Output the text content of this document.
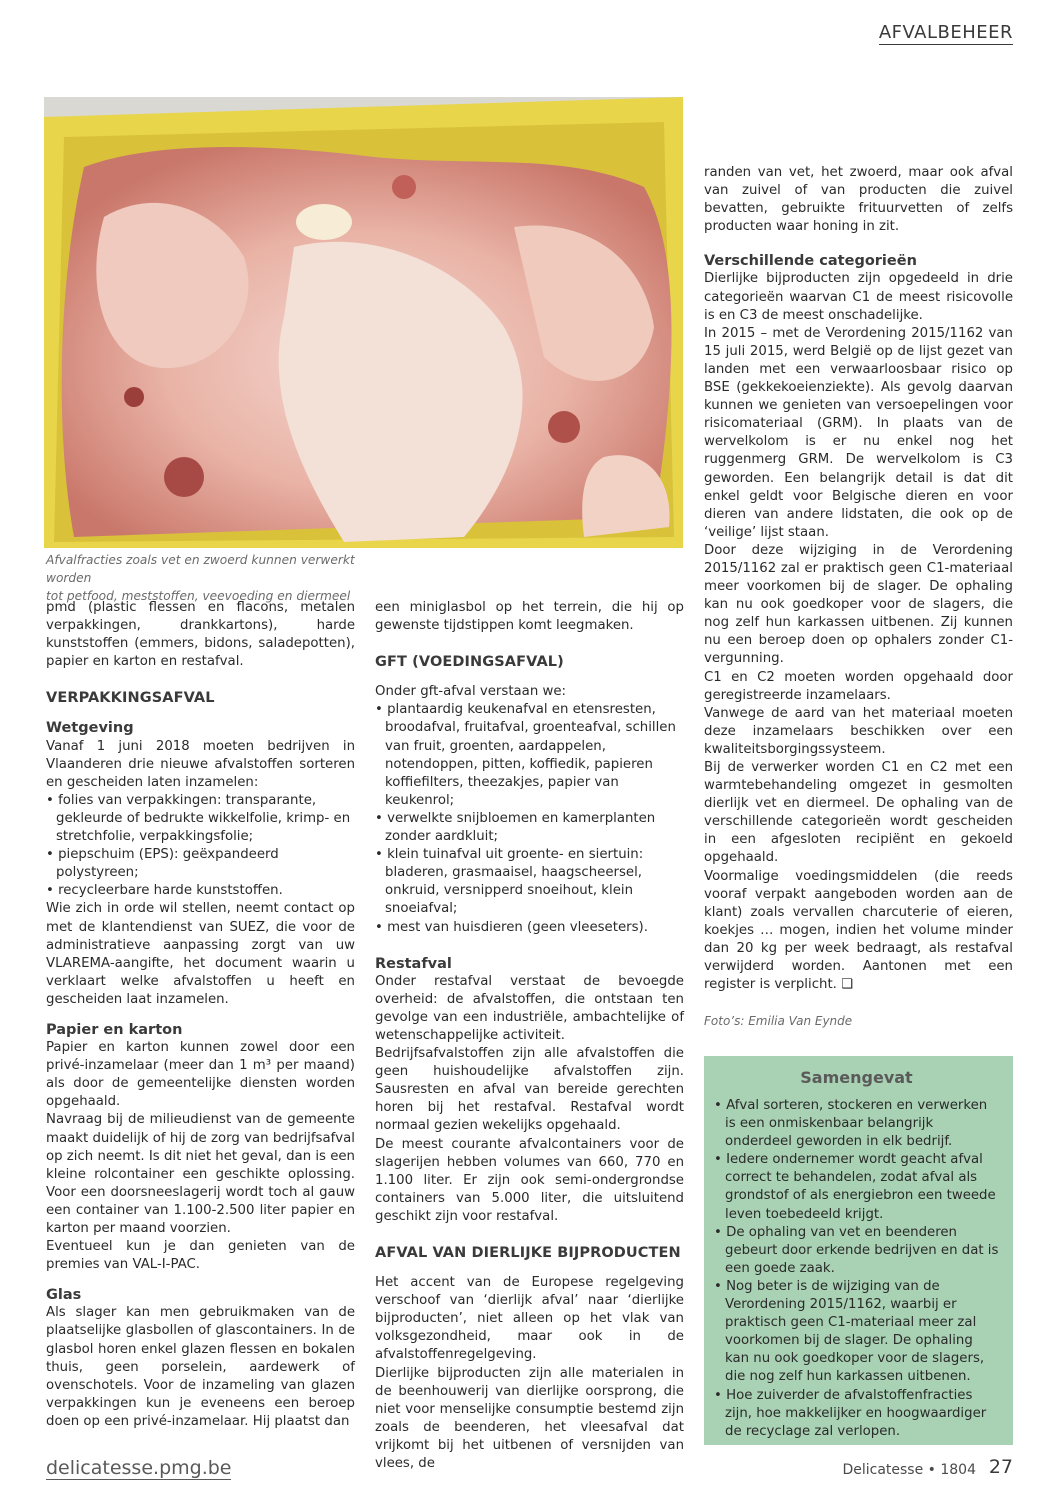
AFVALBEHEER
Afvalfracties zoals vet en zwoerd kunnen verwerkt worden
tot petfood, meststoffen, veevoeding en diermeel

pmd (plastic flessen en flacons, metalen verpakkingen, drankkartons), harde kunststoffen (emmers, bidons, saladepotten), papier en karton en restafval.

VERPAKKINGSAFVAL
Wetgeving

Vanaf 1 juni 2018 moeten bedrijven in Vlaanderen drie nieuwe afvalstoffen sorteren en gescheiden laten inzamelen:

• folies van verpakkingen: transparante, gekleurde of bedrukte wikkelfolie, krimp- en stretchfolie, verpakkingsfolie;

• piepschuim (EPS): geëxpandeerd polystyreen;

• recycleerbare harde kunststoffen.

Wie zich in orde wil stellen, neemt contact op met de klantendienst van SUEZ, die voor de administratieve aanpassing zorgt van uw VLAREMA-aangifte, het document waarin u verklaart welke afvalstoffen u heeft en gescheiden laat inzamelen.

Papier en karton

Papier en karton kunnen zowel door een privé-inzamelaar (meer dan 1 m³ per maand) als door de gemeentelijke diensten worden opgehaald.

Navraag bij de milieudienst van de gemeente maakt duidelijk of hij de zorg van bedrijfsafval op zich neemt. Is dit niet het geval, dan is een kleine rolcontainer een geschikte oplossing. Voor een doorsneeslagerij wordt toch al gauw een container van 1.100-2.500 liter papier en karton per maand voorzien.

Eventueel kun je dan genieten van de premies van VAL-I-PAC.

Glas

Als slager kan men gebruikmaken van de plaatselijke glasbollen of glascontainers. In de glasbol horen enkel glazen flessen en bokalen thuis, geen porselein, aardewerk of ovenschotels. Voor de inzameling van glazen verpakkingen kun je eveneens een beroep doen op een privé-inzamelaar. Hij plaatst dan

een miniglasbol op het terrein, die hij op gewenste tijdstippen komt leegmaken.

GFT (VOEDINGSAFVAL)

Onder gft-afval verstaan we:

• plantaardig keukenafval en etensresten, broodafval, fruitafval, groenteafval, schillen van fruit, groenten, aardappelen, notendoppen, pitten, koffiedik, papieren koffiefilters, theezakjes, papier van keukenrol;

• verwelkte snijbloemen en kamerplanten zonder aardkluit;

• klein tuinafval uit groente- en siertuin: bladeren, grasmaaisel, haagscheersel, onkruid, versnipperd snoeihout, klein snoeiafval;

• mest van huisdieren (geen vleeseters).

Restafval

Onder restafval verstaat de bevoegde overheid: de afvalstoffen, die ontstaan ten gevolge van een industriële, ambachtelijke of wetenschappelijke activiteit.

Bedrijfsafvalstoffen zijn alle afvalstoffen die geen huishoudelijke afvalstoffen zijn. Sausresten en afval van bereide gerechten horen bij het restafval. Restafval wordt normaal gezien wekelijks opgehaald.

De meest courante afvalcontainers voor de slagerijen hebben volumes van 660, 770 en 1.100 liter. Er zijn ook semi-ondergrondse containers van 5.000 liter, die uitsluitend geschikt zijn voor restafval.

AFVAL VAN DIERLIJKE BIJPRODUCTEN

Het accent van de Europese regelgeving verschoof van ‘dierlijk afval’ naar ‘dierlijke bijproducten’, niet alleen op het vlak van volksgezondheid, maar ook in de afvalstoffenregelgeving.

Dierlijke bijproducten zijn alle materialen in de beenhouwerij van dierlijke oorsprong, die niet voor menselijke consumptie bestemd zijn zoals de beenderen, het vleesafval dat vrijkomt bij het uitbenen of versnijden van vlees, de

randen van vet, het zwoerd, maar ook afval van zuivel of van producten die zuivel bevatten, gebruikte frituurvetten of zelfs producten waar honing in zit.

Verschillende categorieën

Dierlijke bijproducten zijn opgedeeld in drie categorieën waarvan C1 de meest risicovolle is en C3 de meest onschadelijke.

In 2015 – met de Verordening 2015/1162 van 15 juli 2015, werd België op de lijst gezet van landen met een verwaarloosbaar risico op BSE (gekkekoeienziekte). Als gevolg daarvan kunnen we genieten van versoepelingen voor risicomateriaal (GRM). In plaats van de wervelkolom is er nu enkel nog het ruggenmerg GRM. De wervelkolom is C3 geworden. Een belangrijk detail is dat dit enkel geldt voor Belgische dieren en voor dieren van andere lidstaten, die ook op de ‘veilige’ lijst staan.

Door deze wijziging in de Verordening 2015/1162 zal er praktisch geen C1-materiaal meer voorkomen bij de slager. De ophaling kan nu ook goedkoper voor de slagers, die nog zelf hun karkassen uitbenen. Zij kunnen nu een beroep doen op ophalers zonder C1-vergunning.

C1 en C2 moeten worden opgehaald door geregistreerde inzamelaars.

Vanwege de aard van het materiaal moeten deze inzamelaars beschikken over een kwaliteitsborgingssysteem.

Bij de verwerker worden C1 en C2 met een warmtebehandeling omgezet in gesmolten dierlijk vet en diermeel. De ophaling van de verschillende categorieën wordt gescheiden in een afgesloten recipiënt en gekoeld opgehaald.

Voormalige voedingsmiddelen (die reeds vooraf verpakt aangeboden worden aan de klant) zoals vervallen charcuterie of eieren, koekjes … mogen, indien het volume minder dan 20 kg per week bedraagt, als restafval verwijderd worden. Aantonen met een register is verplicht. ❑

Foto’s: Emilia Van Eynde
Samengevat
• Afval sorteren, stockeren en verwerken is een onmiskenbaar belangrijk onderdeel geworden in elk bedrijf.
• Iedere ondernemer wordt geacht afval correct te behandelen, zodat afval als grondstof of als energiebron een tweede leven toebedeeld krijgt.
• De ophaling van vet en beenderen gebeurt door erkende bedrijven en dat is een goede zaak.
• Nog beter is de wijziging van de Verordening 2015/1162, waarbij er praktisch geen C1-materiaal meer zal voorkomen bij de slager. De ophaling kan nu ook goedkoper voor de slagers, die nog zelf hun karkassen uitbenen.
• Hoe zuiverder de afvalstoffenfracties zijn, hoe makkelijker en hoogwaardiger de recyclage zal verlopen.
delicatesse.pmg.be	Delicatesse • 1804 27
